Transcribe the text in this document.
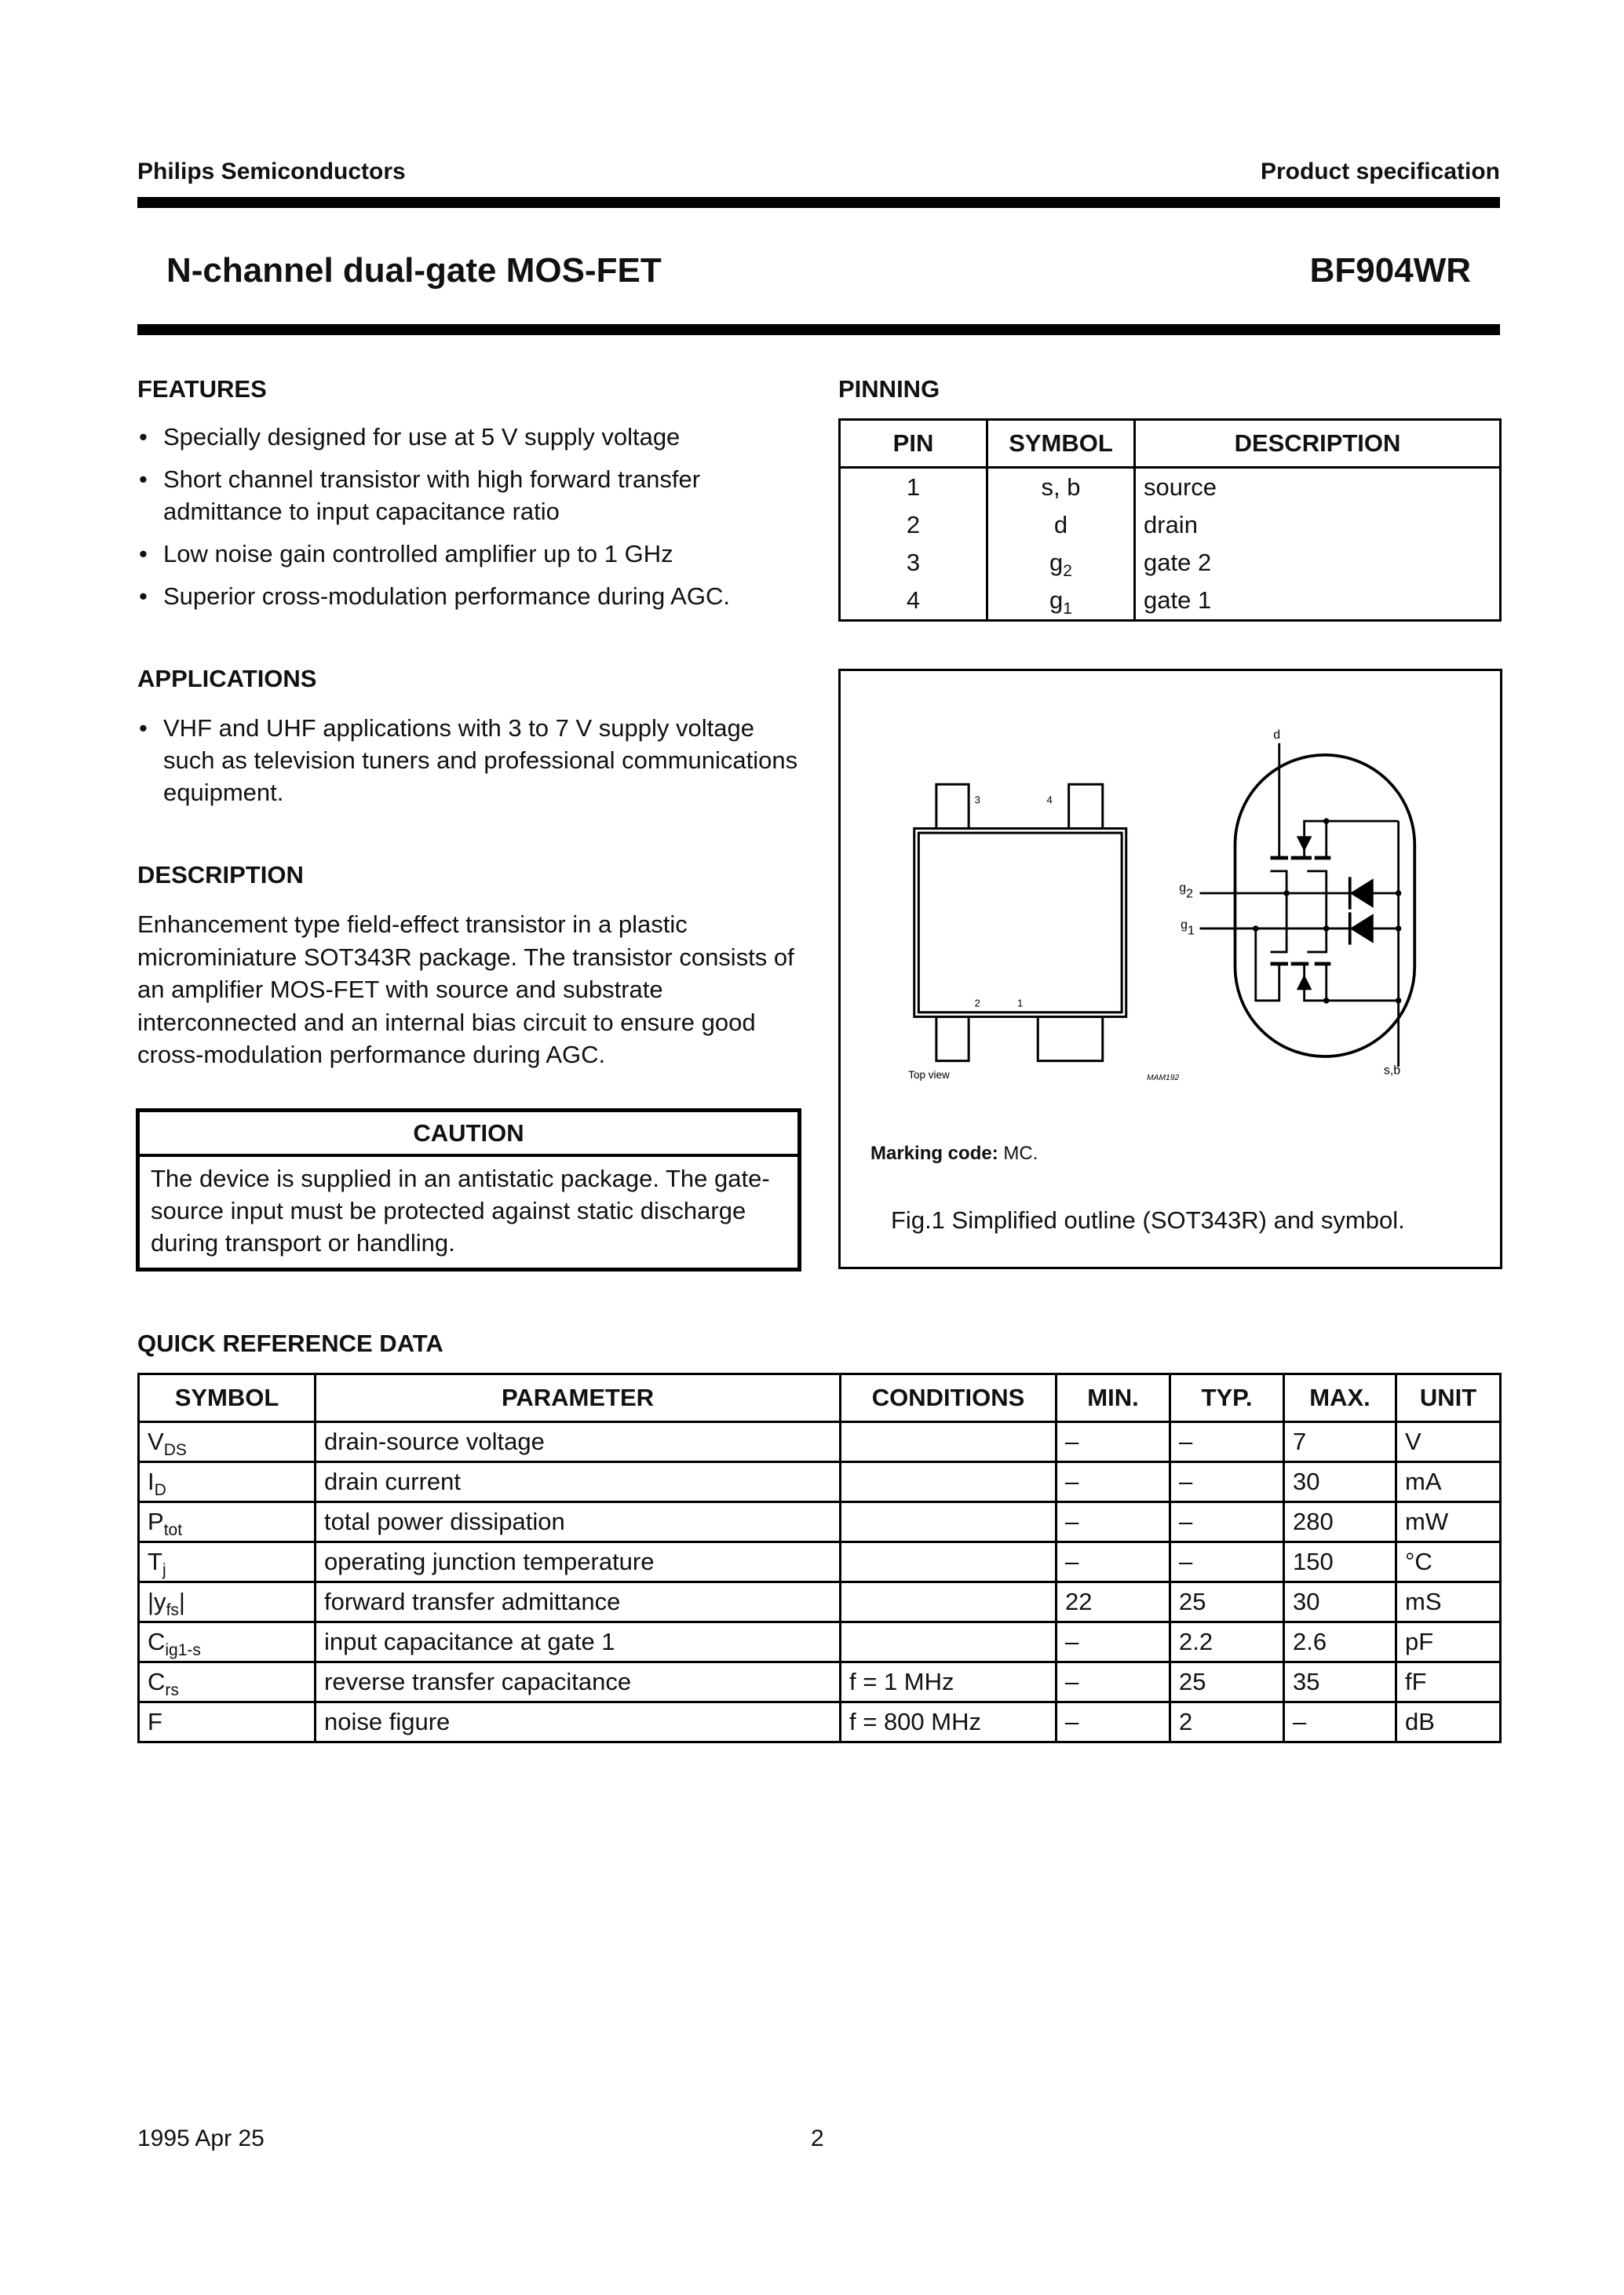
Philips Semiconductors	Product specification
N-channel dual-gate MOS-FET	BF904WR
FEATURES
• Specially designed for use at 5 V supply voltage
• Short channel transistor with high forward transfer admittance to input capacitance ratio
• Low noise gain controlled amplifier up to 1 GHz
• Superior cross-modulation performance during AGC.
APPLICATIONS
• VHF and UHF applications with 3 to 7 V supply voltage such as television tuners and professional communications equipment.
DESCRIPTION

Enhancement type field-effect transistor in a plastic microminiature SOT343R package. The transistor consists of an amplifier MOS-FET with source and substrate interconnected and an internal bias circuit to ensure good cross-modulation performance during AGC.

CAUTION
The device is supplied in an antistatic package. The gate-source input must be protected against static discharge during transport or handling.
PINNING
PIN	SYMBOL	DESCRIPTION
1	s, b	source
2	d	drain
3	$g_2$	gate 2
4	$g_1$	gate 1
3	4
2	1
Top view	MAM192
d
g2
g1
s,b
Marking code: MC.
Fig.1 Simplified outline (SOT343R) and symbol.
QUICK REFERENCE DATA
SYMBOL	PARAMETER	CONDITIONS	MIN.	TYP.	MAX.	UNIT
$V_{DS}$	drain-source voltage		–	–	7	V
$I_D$	drain current		–	–	30	mA
$P_{tot}$	total power dissipation		–	–	280	mW
$T_j$	operating junction temperature		–	–	150	°C
$|y_{fs}|$	forward transfer admittance		22	25	30	mS
$C_{ig1-s}$	input capacitance at gate 1		–	2.2	2.6	pF
$C_{rs}$	reverse transfer capacitance	f = 1 MHz	–	25	35	fF
F	noise figure	f = 800 MHz	–	2	–	dB
1995 Apr 25	2
